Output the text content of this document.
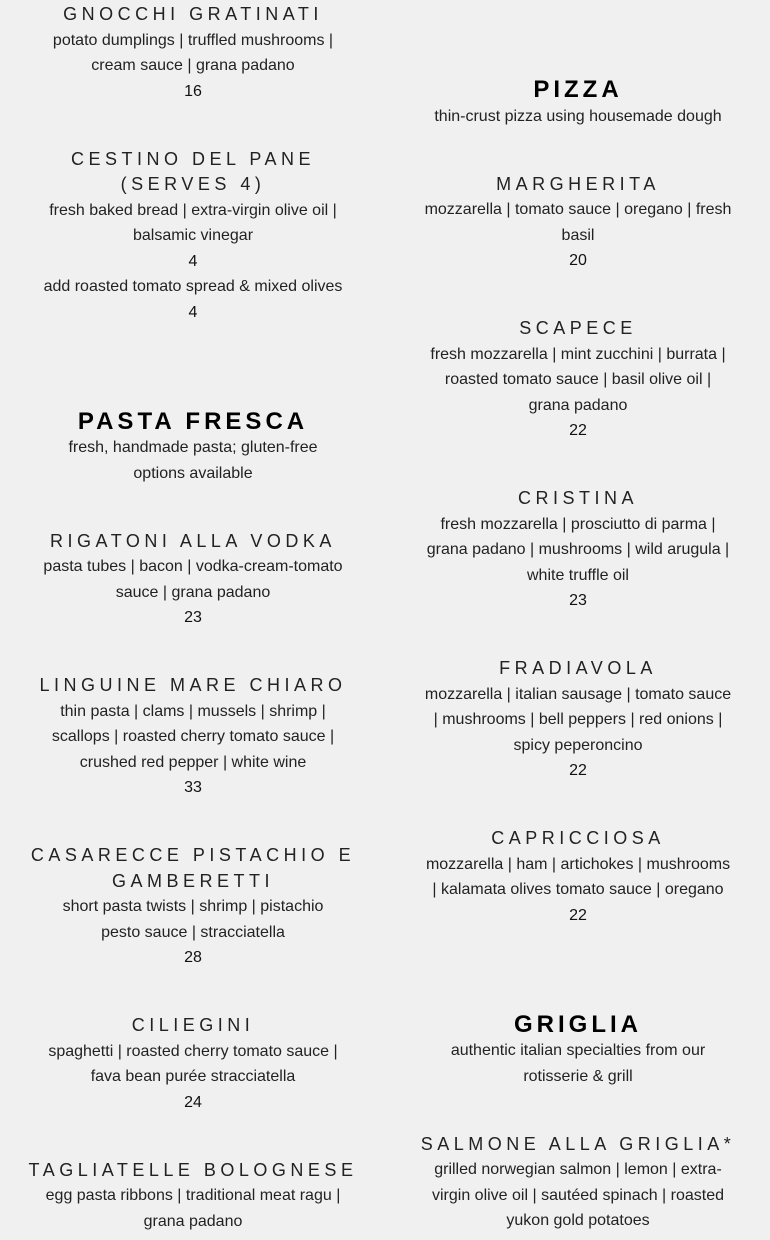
GNOCCHI GRATINATI
potato dumplings | truffled mushrooms |
cream sauce | grana padano
16
CESTINO DEL PANE
(SERVES 4)
fresh baked bread | extra-virgin olive oil |
balsamic vinegar
4
add roasted tomato spread & mixed olives
4
PASTA FRESCA
fresh, handmade pasta; gluten-free
options available
RIGATONI ALLA VODKA
pasta tubes | bacon | vodka-cream-tomato
sauce | grana padano
23
LINGUINE MARE CHIARO
thin pasta | clams | mussels | shrimp |
scallops | roasted cherry tomato sauce |
crushed red pepper | white wine
33
CASARECCE PISTACHIO E
GAMBERETTI
short pasta twists | shrimp | pistachio
pesto sauce | stracciatella
28
CILIEGINI
spaghetti | roasted cherry tomato sauce |
fava bean purée stracciatella
24
TAGLIATELLE BOLOGNESE
egg pasta ribbons | traditional meat ragu |
grana padano
PIZZA
thin-crust pizza using housemade dough
MARGHERITA
mozzarella | tomato sauce | oregano | fresh
basil
20
SCAPECE
fresh mozzarella | mint zucchini | burrata |
roasted tomato sauce | basil olive oil |
grana padano
22
CRISTINA
fresh mozzarella | prosciutto di parma |
grana padano | mushrooms | wild arugula |
white truffle oil
23
FRADIAVOLA
mozzarella | italian sausage | tomato sauce
| mushrooms | bell peppers | red onions |
spicy peperoncino
22
CAPRICCIOSA
mozzarella | ham | artichokes | mushrooms
| kalamata olives tomato sauce | oregano
22
GRIGLIA
authentic italian specialties from our
rotisserie & grill
SALMONE ALLA GRIGLIA*
grilled norwegian salmon | lemon | extra-
virgin olive oil | sautéed spinach | roasted
yukon gold potatoes
